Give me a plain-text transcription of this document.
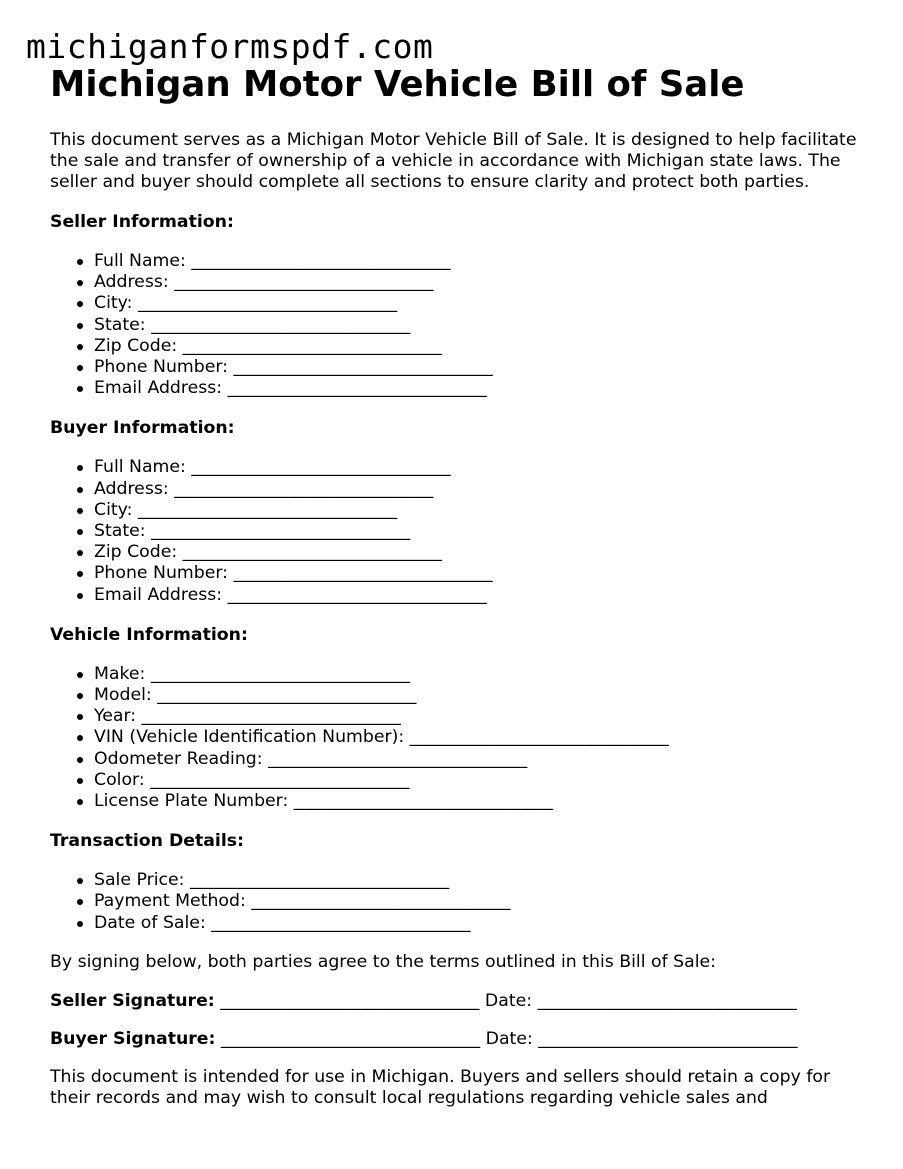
michiganformspdf.com
Michigan Motor Vehicle Bill of Sale

This document serves as a Michigan Motor Vehicle Bill of Sale. It is designed to help facilitate the sale and transfer of ownership of a vehicle in accordance with Michigan state laws. The seller and buyer should complete all sections to ensure clarity and protect both parties.

Seller Information:

Full Name: ______________________________
Address: ______________________________
City: ______________________________
State: ______________________________
Zip Code: ______________________________
Phone Number: ______________________________
Email Address: ______________________________

Buyer Information:

Full Name: ______________________________
Address: ______________________________
City: ______________________________
State: ______________________________
Zip Code: ______________________________
Phone Number: ______________________________
Email Address: ______________________________

Vehicle Information:

Make: ______________________________
Model: ______________________________
Year: ______________________________
VIN (Vehicle Identification Number): ______________________________
Odometer Reading: ______________________________
Color: ______________________________
License Plate Number: ______________________________

Transaction Details:

Sale Price: ______________________________
Payment Method: ______________________________
Date of Sale: ______________________________

By signing below, both parties agree to the terms outlined in this Bill of Sale:

Seller Signature: ______________________________ Date: ______________________________

Buyer Signature: ______________________________ Date: ______________________________

This document is intended for use in Michigan. Buyers and sellers should retain a copy for their records and may wish to consult local regulations regarding vehicle sales and
